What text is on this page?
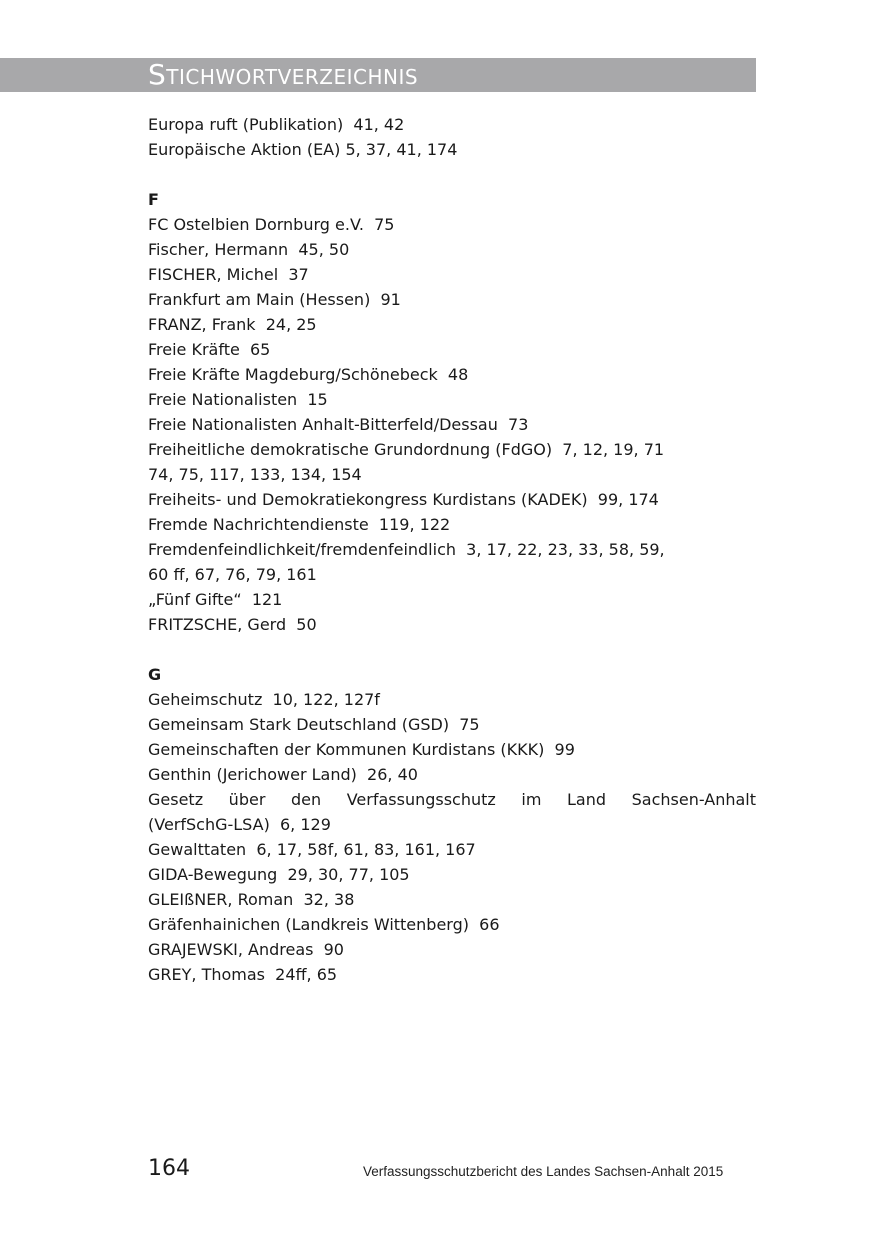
STICHWORTVERZEICHNIS

Europa ruft (Publikation)  41, 42

Europäische Aktion (EA) 5, 37, 41, 174

F

FC Ostelbien Dornburg e.V.  75

Fischer, Hermann  45, 50

FISCHER, Michel  37

Frankfurt am Main (Hessen)  91

FRANZ, Frank  24, 25

Freie Kräfte  65

Freie Kräfte Magdeburg/Schönebeck  48

Freie Nationalisten  15

Freie Nationalisten Anhalt-Bitterfeld/Dessau  73

Freiheitliche demokratische Grundordnung (FdGO)  7, 12, 19, 71
74, 75, 117, 133, 134, 154

Freiheits- und Demokratiekongress Kurdistans (KADEK)  99, 174

Fremde Nachrichtendienste  119, 122

Fremdenfeindlichkeit/fremdenfeindlich  3, 17, 22, 23, 33, 58, 59,
60 ff, 67, 76, 79, 161

„Fünf Gifte“  121

FRITZSCHE, Gerd  50

G

Geheimschutz  10, 122, 127f

Gemeinsam Stark Deutschland (GSD)  75

Gemeinschaften der Kommunen Kurdistans (KKK)  99

Genthin (Jerichower Land)  26, 40

Gesetz über den Verfassungsschutz im Land Sachsen-Anhalt
(VerfSchG-LSA)  6, 129

Gewalttaten  6, 17, 58f, 61, 83, 161, 167

GIDA-Bewegung  29, 30, 77, 105

GLEIßNER, Roman  32, 38

Gräfenhainichen (Landkreis Wittenberg)  66

GRAJEWSKI, Andreas  90

GREY, Thomas  24ff, 65

164	Verfassungsschutzbericht des Landes Sachsen-Anhalt 2015
